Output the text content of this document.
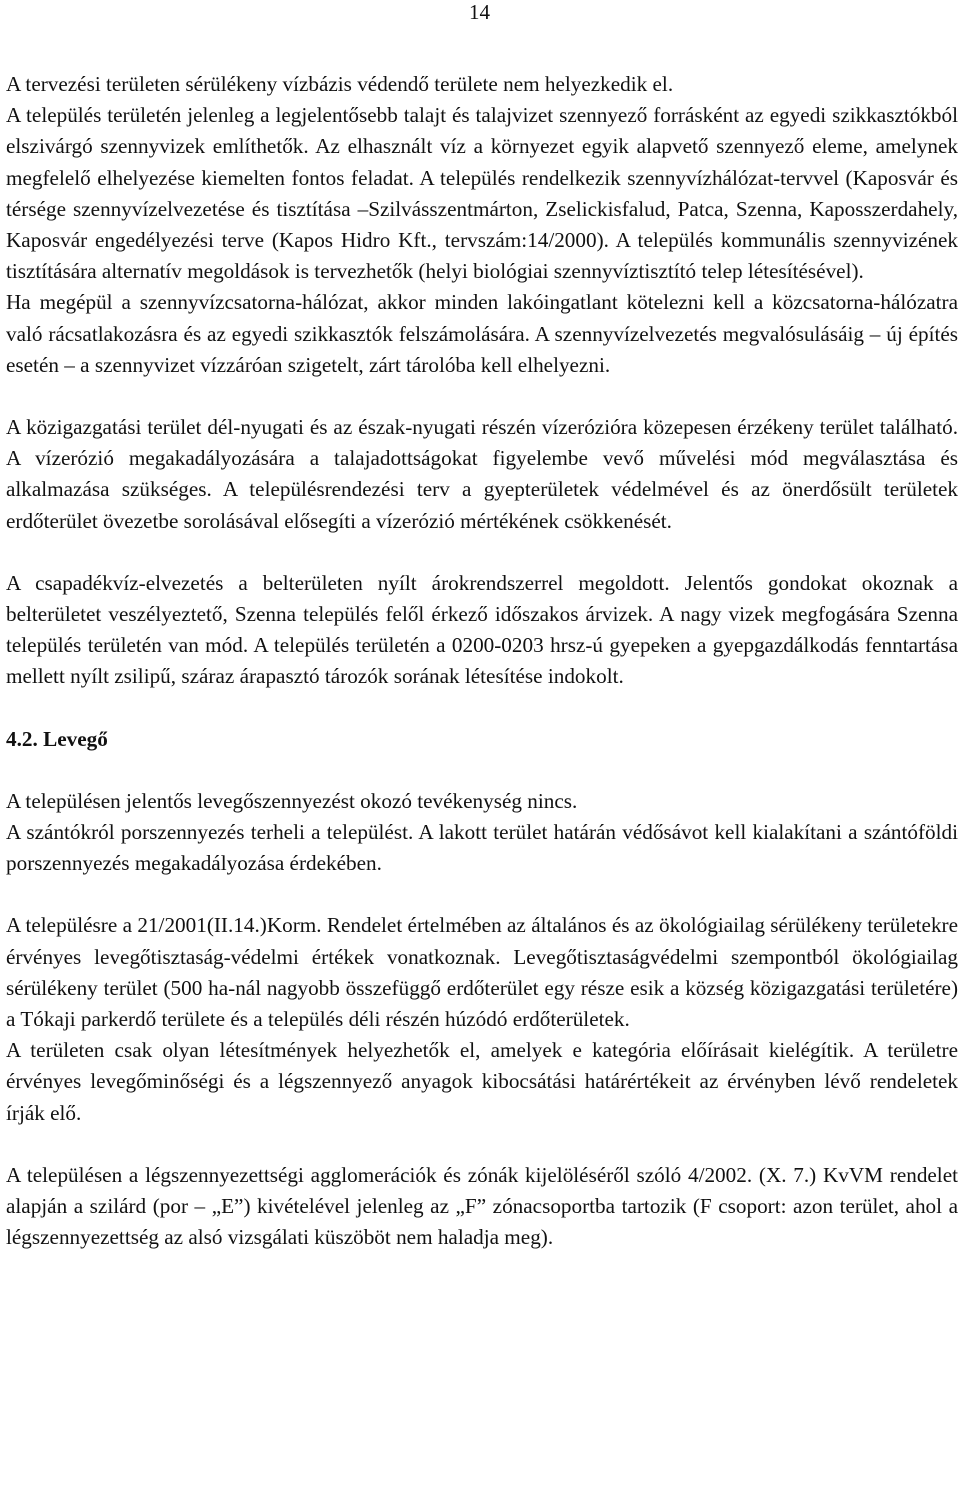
14

A tervezési területen sérülékeny vízbázis védendő területe nem helyezkedik el.

A település területén jelenleg a legjelentősebb talajt és talajvizet szennyező forrásként az egyedi szikkasztókból elszivárgó szennyvizek említhetők. Az elhasznált víz a környezet egyik alapvető szennyező eleme, amelynek megfelelő elhelyezése kiemelten fontos feladat. A település rendelkezik szennyvízhálózat-tervvel (Kaposvár és térsége szennyvízelvezetése és tisztítása –Szilvásszentmárton, Zselickisfalud, Patca, Szenna, Kaposszerdahely, Kaposvár engedélyezési terve (Kapos Hidro Kft., tervszám:14/2000). A település kommunális szennyvizének tisztítására alternatív megoldások is tervezhetők (helyi biológiai szennyvíztisztító telep létesítésével).

Ha megépül a szennyvízcsatorna-hálózat, akkor minden lakóingatlant kötelezni kell a közcsatorna-hálózatra való rácsatlakozásra és az egyedi szikkasztók felszámolására. A szennyvízelvezetés megvalósulásáig – új építés esetén – a szennyvizet vízzáróan szigetelt, zárt tárolóba kell elhelyezni.

A közigazgatási terület dél-nyugati és az észak-nyugati részén vízerózióra közepesen érzékeny terület található. A vízerózió megakadályozására a talajadottságokat figyelembe vevő művelési mód megválasztása és alkalmazása szükséges. A településrendezési terv a gyepterületek védelmével és az önerdősült területek erdőterület övezetbe sorolásával elősegíti a vízerózió mértékének csökkenését.

A csapadékvíz-elvezetés a belterületen nyílt árokrendszerrel megoldott. Jelentős gondokat okoznak a belterületet veszélyeztető, Szenna település felől érkező időszakos árvizek. A nagy vizek megfogására Szenna település területén van mód. A település területén a 0200-0203 hrsz-ú gyepeken a gyepgazdálkodás fenntartása mellett nyílt zsilipű, száraz árapasztó tározók sorának létesítése indokolt.

4.2. Levegő

A településen jelentős levegőszennyezést okozó tevékenység nincs.

A szántókról porszennyezés terheli a települést. A lakott terület határán védősávot kell kialakítani a szántóföldi porszennyezés megakadályozása érdekében.

A településre a 21/2001(II.14.)Korm. Rendelet értelmében az általános és az ökológiailag sérülékeny területekre érvényes levegőtisztaság-védelmi értékek vonatkoznak. Levegőtisztaságvédelmi szempontból ökológiailag sérülékeny terület (500 ha-nál nagyobb összefüggő erdőterület egy része esik a község közigazgatási területére) a Tókaji parkerdő területe és a település déli részén húzódó erdőterületek.

A területen csak olyan létesítmények helyezhetők el, amelyek e kategória előírásait kielégítik. A területre érvényes levegőminőségi és a légszennyező anyagok kibocsátási határértékeit az érvényben lévő rendeletek írják elő.

A településen a légszennyezettségi agglomerációk és zónák kijelöléséről szóló 4/2002. (X. 7.) KvVM rendelet alapján a szilárd (por – „E”) kivételével jelenleg az „F” zónacsoportba tartozik (F csoport: azon terület, ahol a légszennyezettség az alsó vizsgálati küszöböt nem haladja meg).
